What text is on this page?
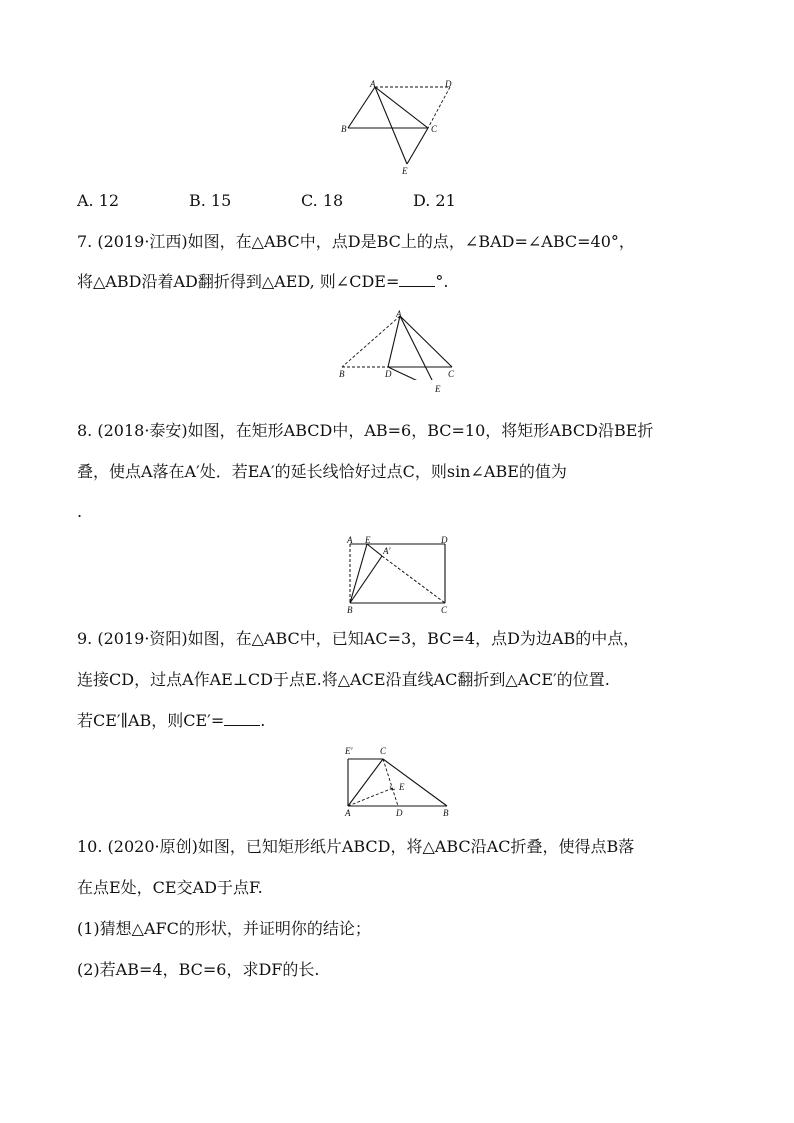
A	D
B	C
E
A. 12	B. 15	C. 18	D. 21
7. (2019·江西)如图，在△ABC中，点D是BC上的点，∠BAD=∠ABC=40°，
将△ABD沿着AD翻折得到△AED, 则∠CDE= °.
A
B	D	C
E
8. (2018·泰安)如图，在矩形ABCD中，AB=6，BC=10，将矩形ABCD沿BE折
叠，使点A落在A′处．若EA′的延长线恰好过点C，则sin∠ABE的值为
.
A E
A′
D
B	C
9. (2019·资阳)如图，在△ABC中，已知AC=3，BC=4，点D为边AB的中点，
连接CD，过点A作AE⊥CD于点E.将△ACE沿直线AC翻折到△ACE′的位置.
若CE′∥AB，则CE′= .
E′	C
E
A	D	B
10. (2020·原创)如图，已知矩形纸片ABCD，将△ABC沿AC折叠，使得点B落
在点E处，CE交AD于点F.
(1)猜想△AFC的形状，并证明你的结论；
(2)若AB=4，BC=6，求DF的长.
